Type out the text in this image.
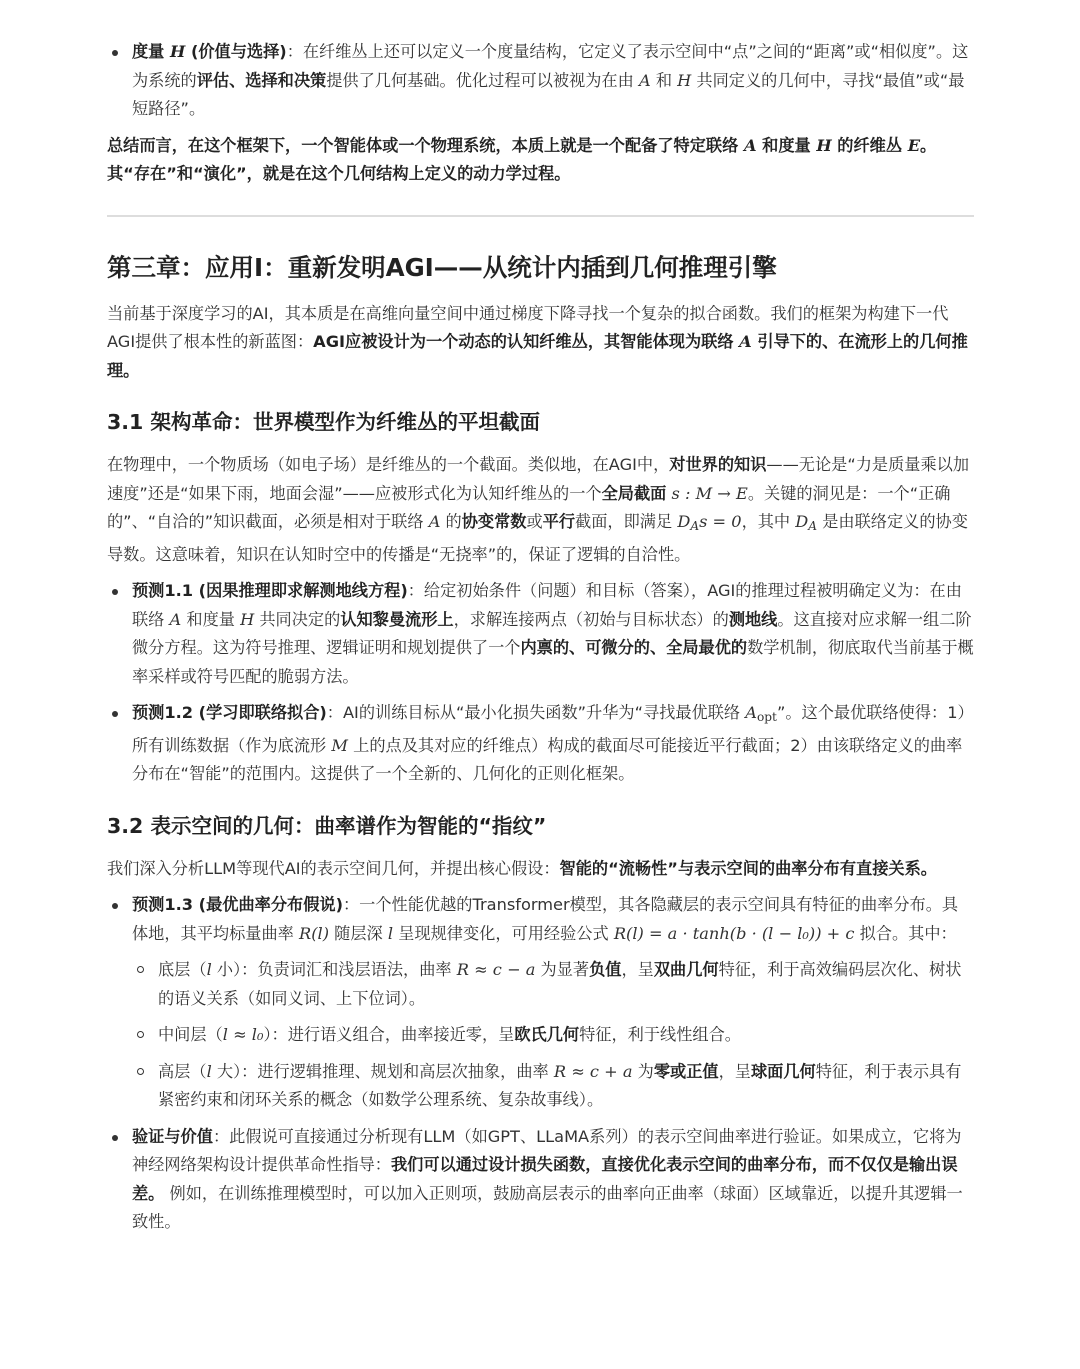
度量 H (价值与选择)：在纤维丛上还可以定义一个度量结构，它定义了表示空间中“点”之间的“距离”或“相似度”。这为系统的评估、选择和决策提供了几何基础。优化过程可以被视为在由 A 和 H 共同定义的几何中，寻找“最值”或“最短路径”。

总结而言，在这个框架下，一个智能体或一个物理系统，本质上就是一个配备了特定联络 A 和度量 H 的纤维丛 E。其“存在”和“演化”，就是在这个几何结构上定义的动力学过程。

第三章：应用I：重新发明AGI——从统计内插到几何推理引擎

当前基于深度学习的AI，其本质是在高维向量空间中通过梯度下降寻找一个复杂的拟合函数。我们的框架为构建下一代AGI提供了根本性的新蓝图：AGI应被设计为一个动态的认知纤维丛，其智能体现为联络 A 引导下的、在流形上的几何推理。

3.1 架构革命：世界模型作为纤维丛的平坦截面

在物理中，一个物质场（如电子场）是纤维丛的一个截面。类似地，在AGI中，对世界的知识——无论是“力是质量乘以加速度”还是“如果下雨，地面会湿”——应被形式化为认知纤维丛的一个全局截面 s : M → E。关键的洞见是：一个“正确的”、“自洽的”知识截面，必须是相对于联络 A 的协变常数或平行截面，即满足 $D_As = 0$，其中 $D_A$ 是由联络定义的协变导数。这意味着，知识在认知时空中的传播是“无挠率”的，保证了逻辑的自洽性。

预测1.1 (因果推理即求解测地线方程)：给定初始条件（问题）和目标（答案），AGI的推理过程被明确定义为：在由联络 A 和度量 H 共同决定的认知黎曼流形上，求解连接两点（初始与目标状态）的测地线。这直接对应求解一组二阶微分方程。这为符号推理、逻辑证明和规划提供了一个内禀的、可微分的、全局最优的数学机制，彻底取代当前基于概率采样或符号匹配的脆弱方法。
预测1.2 (学习即联络拟合)：AI的训练目标从“最小化损失函数”升华为“寻找最优联络 $A_{opt}$”。这个最优联络使得：1）所有训练数据（作为底流形 M 上的点及其对应的纤维点）构成的截面尽可能接近平行截面；2）由该联络定义的曲率分布在“智能”的范围内。这提供了一个全新的、几何化的正则化框架。
3.2 表示空间的几何：曲率谱作为智能的“指纹”

我们深入分析LLM等现代AI的表示空间几何，并提出核心假设：智能的“流畅性”与表示空间的曲率分布有直接关系。

预测1.3 (最优曲率分布假说)：一个性能优越的Transformer模型，其各隐藏层的表示空间具有特征的曲率分布。具体地，其平均标量曲率 R(l) 随层深 l 呈现规律变化，可用经验公式 R(l) = a · tanh(b · (l − l₀)) + c 拟合。其中：
底层（l 小）：负责词汇和浅层语法，曲率 R ≈ c − a 为显著负值，呈双曲几何特征，利于高效编码层次化、树状的语义关系（如同义词、上下位词）。
中间层（l ≈ l₀）：进行语义组合，曲率接近零，呈欧氏几何特征，利于线性组合。
高层（l 大）：进行逻辑推理、规划和高层次抽象，曲率 R ≈ c + a 为零或正值，呈球面几何特征，利于表示具有紧密约束和闭环关系的概念（如数学公理系统、复杂故事线）。
验证与价值：此假说可直接通过分析现有LLM（如GPT、LLaMA系列）的表示空间曲率进行验证。如果成立，它将为神经网络架构设计提供革命性指导：我们可以通过设计损失函数，直接优化表示空间的曲率分布，而不仅仅是输出误差。 例如，在训练推理模型时，可以加入正则项，鼓励高层表示的曲率向正曲率（球面）区域靠近，以提升其逻辑一致性。
